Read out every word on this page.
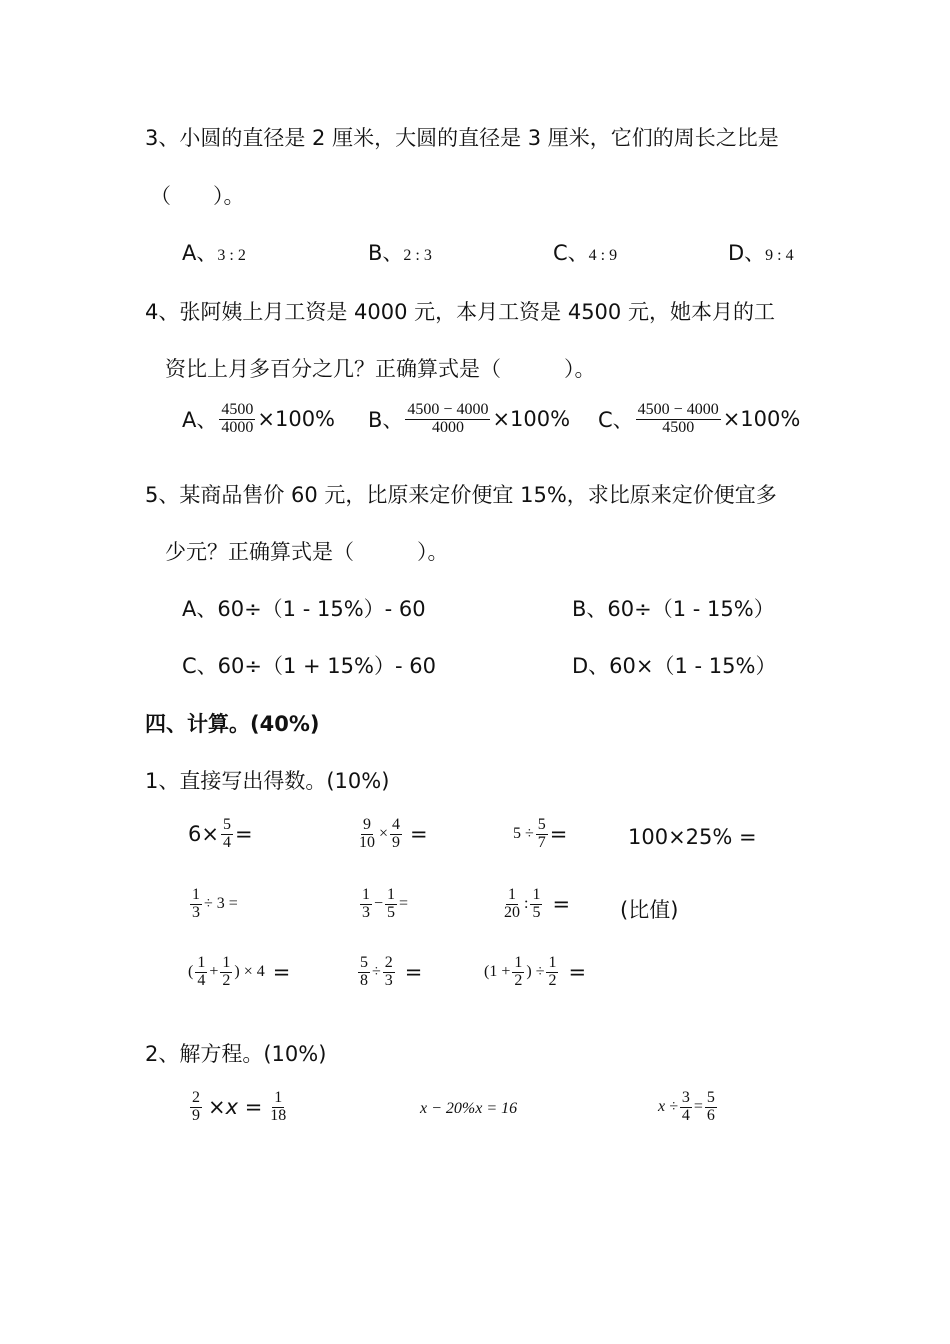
3、小圆的直径是 2 厘米，大圆的直径是 3 厘米，它们的周长之比是
（　　）。
A、3 : 2	B、2 : 3	C、4 : 9	D、9 : 4
4、张阿姨上月工资是 4000 元，本月工资是 4500 元，她本月的工
资比上月多百分之几？正确算式是（　　　）。
A、 $\frac{4500}{4000} \times 100\%$ B、 $\frac{4500 - 4000}{4000} \times 100\%$ C、 $\frac{4500 - 4000}{4500} \times 100\%$
5、某商品售价 60 元，比原来定价便宜 15%，求比原来定价便宜多
少元？正确算式是（　　　）。
A、60÷（1 - 15%）- 60	B、60÷（1 - 15%）
C、60÷（1 + 15%）- 60	D、60×（1 - 15%）
四、计算。(40%)
1、直接写出得数。(10%)
$6\times \frac{5}{4}$ =	$\frac{9}{10} \times \frac{4}{9}$ =	$5 \div \frac{5}{7}$ =	100×25% =
$\frac{1}{3} \div 3$ =	$\frac{1}{3} - \frac{1}{5}$ =	$\frac{1}{20}$ : $\frac{1}{5}$ = (比值)
( $\frac{1}{4} + \frac{1}{2}$ ) × 4 =	$\frac{5}{8} \div \frac{2}{3}$ =	($1 + \frac{1}{2}$ ) ÷ $\frac{1}{2}$ =
2、解方程。(10%)
$\frac{2}{9} \times x = \frac{1}{18}$	x − 20%x = 16	$x \div \frac{3}{4} = \frac{5}{6}$
